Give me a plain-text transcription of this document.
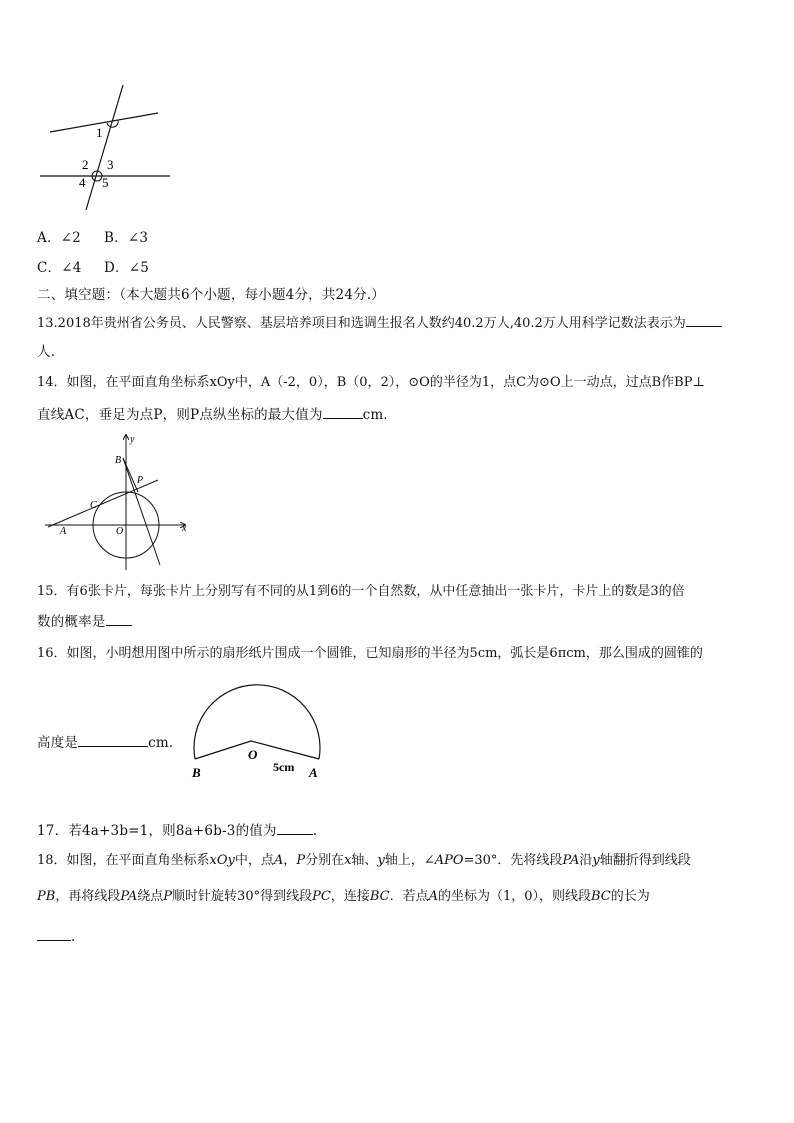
1
2 3
4 5
A．∠2 B．∠3
C．∠4 D．∠5
二、填空题：（本大题共6个小题，每小题4分，共24分.）
13.2018年贵州省公务员、人民警察、基层培养项目和选调生报名人数约40.2万人,40.2万人用科学记数法表示为
人.
14．如图，在平面直角坐标系xOy中，A（-2，0），B（0，2），⊙O的半径为1，点C为⊙O上一动点，过点B作BP⊥
直线AC，垂足为点P，则P点纵坐标的最大值为	cm．
y
x
B
P
C
A	O
15．有6张卡片，每张卡片上分别写有不同的从1到6的一个自然数，从中任意抽出一张卡片，卡片上的数是3的倍
数的概率是
16．如图，小明想用图中所示的扇形纸片围成一个圆锥，已知扇形的半径为5cm，弧长是6πcm，那么围成的圆锥的
高度是	cm．
O
B	A
5cm
17．若4a+3b=1，则8a+6b-3的值为	.
18．如图，在平面直角坐标系xOy中，点A，P分别在x轴、y轴上，∠APO=30°．先将线段PA沿y轴翻折得到线段
PB，再将线段PA绕点P顺时针旋转30°得到线段PC，连接BC．若点A的坐标为（1，0），则线段BC的长为
.
